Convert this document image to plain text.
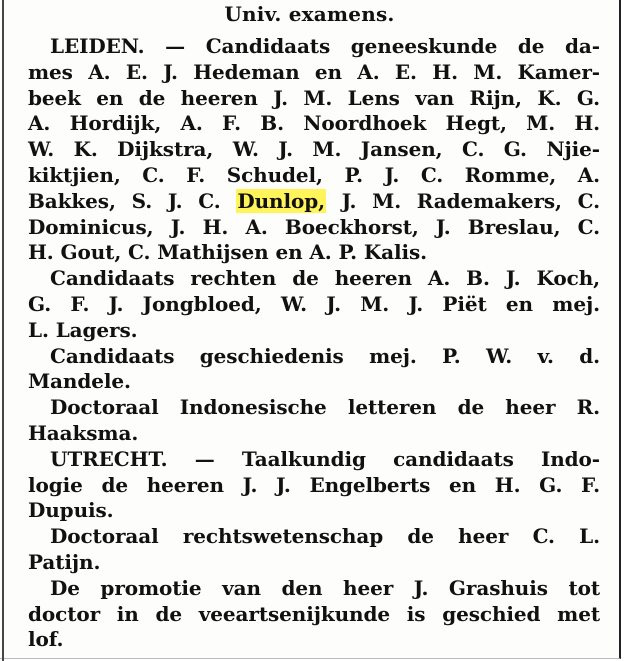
Univ. examens.
LEIDEN. — Candidaats geneeskunde de da-
mes A. E. J. Hedeman en A. E. H. M. Kamer-
beek en de heeren J. M. Lens van Rijn, K. G.
A. Hordijk, A. F. B. Noordhoek Hegt, M. H.
W. K. Dijkstra, W. J. M. Jansen, C. G. Njie-
kiktjien, C. F. Schudel, P. J. C. Romme, A.
Bakkes, S. J. C. Dunlop, J. M. Rademakers, C.
Dominicus, J. H. A. Boeckhorst, J. Breslau, C.
H. Gout, C. Mathijsen en A. P. Kalis.
Candidaats rechten de heeren A. B. J. Koch,
G. F. J. Jongbloed, W. J. M. J. Piët en mej.
L. Lagers.
Candidaats geschiedenis mej. P. W. v. d.
Mandele.
Doctoraal Indonesische letteren de heer R.
Haaksma.
UTRECHT. — Taalkundig candidaats Indo-
logie de heeren J. J. Engelberts en H. G. F.
Dupuis.
Doctoraal rechtswetenschap de heer C. L.
Patijn.
De promotie van den heer J. Grashuis tot
doctor in de veeartsenijkunde is geschied met
lof.
